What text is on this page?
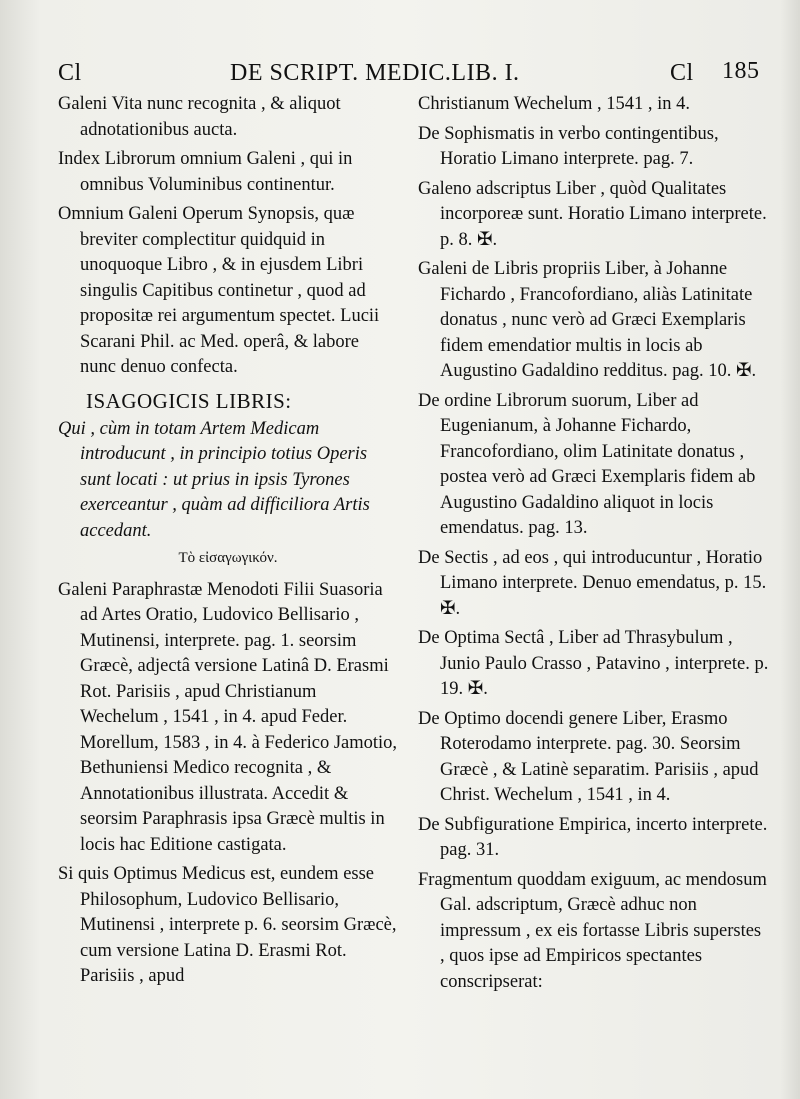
Cl	DE SCRIPT. MEDIC.LIB. I.	Cl 185

Galeni Vita nunc recognita , & aliquot adnotationibus aucta.

Index Librorum omnium Galeni , qui in omnibus Voluminibus continentur.

Omnium Galeni Operum Synopsis, quæ breviter complectitur quidquid in unoquoque Libro , & in ejusdem Libri singulis Capitibus continetur , quod ad propositæ rei argumentum spectet. Lucii Scarani Phil. ac Med. operâ, & labore nunc denuo confecta.

ISAGOGICIS LIBRIS:

Qui , cùm in totam Artem Medicam introducunt , in principio totius Operis sunt locati : ut prius in ipsis Tyrones exerceantur , quàm ad difficiliora Artis accedant.

Τὸ εἰσαγωγικόν.

Galeni Paraphrastæ Menodoti Filii Suasoria ad Artes Oratio, Ludovico Bellisario , Mutinensi, interprete. pag. 1. seorsim Græcè, adjectâ versione Latinâ D. Erasmi Rot. Parisiis , apud Christianum Wechelum , 1541 , in 4. apud Feder. Morellum, 1583 , in 4. à Federico Jamotio, Bethuniensi Medico recognita , & Annotationibus illustrata. Accedit & seorsim Paraphrasis ipsa Græcè multis in locis hac Editione castigata.

Si quis Optimus Medicus est, eundem esse Philosophum, Ludovico Bellisario, Mutinensi , interprete p. 6. seorsim Græcè, cum versione Latina D. Erasmi Rot. Parisiis , apud

Christianum Wechelum , 1541 , in 4.

De Sophismatis in verbo contingentibus, Horatio Limano interprete. pag. 7.

Galeno adscriptus Liber , quòd Qualitates incorporeæ sunt. Horatio Limano interprete. p. 8. ✠.

Galeni de Libris propriis Liber, à Johanne Fichardo , Francofordiano, aliàs Latinitate donatus , nunc verò ad Græci Exemplaris fidem emendatior multis in locis ab Augustino Gadaldino redditus. pag. 10. ✠.

De ordine Librorum suorum, Liber ad Eugenianum, à Johanne Fichardo, Francofordiano, olim Latinitate donatus , postea verò ad Græci Exemplaris fidem ab Augustino Gadaldino aliquot in locis emendatus. pag. 13.

De Sectis , ad eos , qui introducuntur , Horatio Limano interprete. Denuo emendatus, p. 15. ✠.

De Optima Sectâ , Liber ad Thrasybulum , Junio Paulo Crasso , Patavino , interprete. p. 19. ✠.

De Optimo docendi genere Liber, Erasmo Roterodamo interprete. pag. 30. Seorsim Græcè , & Latinè separatim. Parisiis , apud Christ. Wechelum , 1541 , in 4.

De Subfiguratione Empirica, incerto interprete. pag. 31.

Fragmentum quoddam exiguum, ac mendosum Gal. adscriptum, Græcè adhuc non impressum , ex eis fortasse Libris superstes , quos ipse ad Empiricos spectantes conscripserat:
